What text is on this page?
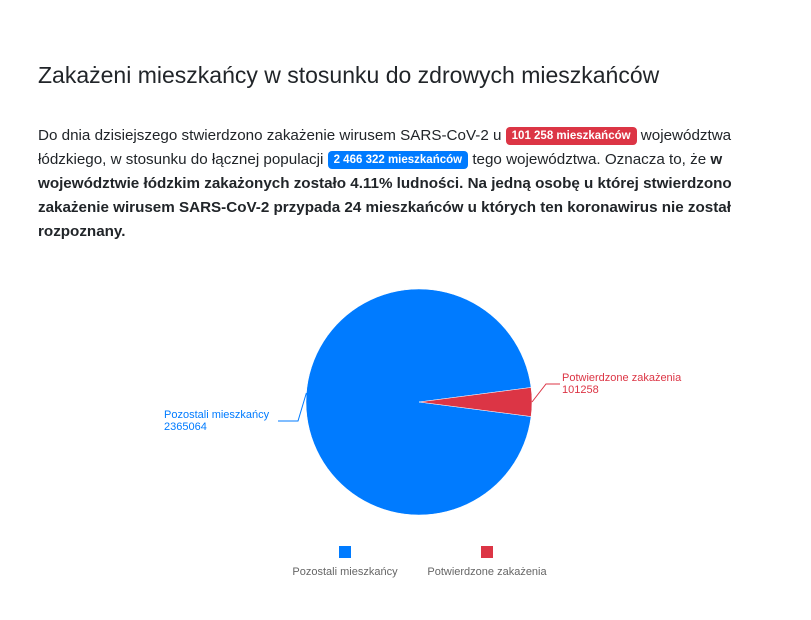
Zakażeni mieszkańcy w stosunku do zdrowych mieszkańców

Do dnia dzisiejszego stwierdzono zakażenie wirusem SARS-CoV-2 u 101 258 mieszkańców województwa łódzkiego, w stosunku do łącznej populacji 2 466 322 mieszkańców tego województwa. Oznacza to, że w województwie łódzkim zakażonych zostało 4.11% ludności. Na jedną osobę u której stwierdzono zakażenie wirusem SARS-CoV-2 przypada 24 mieszkańców u których ten koronawirus nie został rozpoznany.

Pozostali mieszkańcy
2365064
Potwierdzone zakażenia
101258
Pozostali mieszkańcy	Potwierdzone zakażenia
